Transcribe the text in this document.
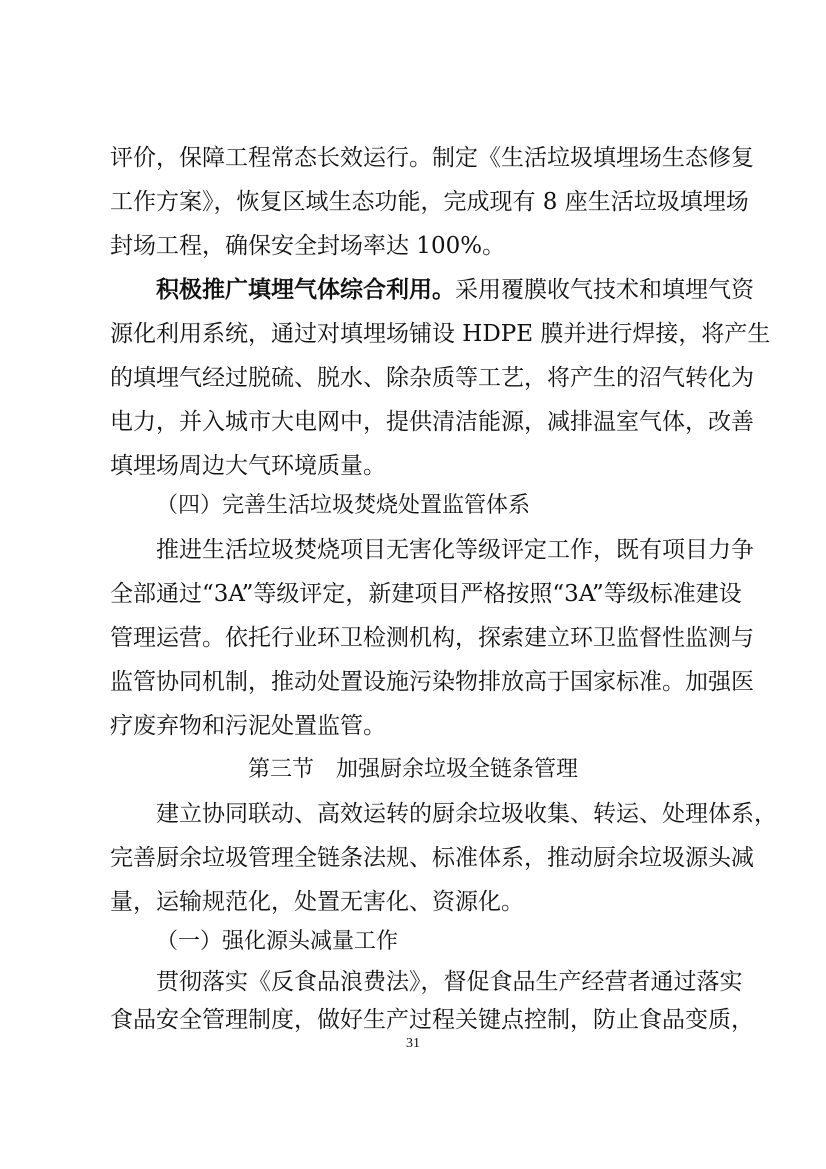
评价，保障工程常态长效运行。制定《生活垃圾填埋场生态修复
工作方案》，恢复区域生态功能，完成现有 8 座生活垃圾填埋场
封场工程，确保安全封场率达 100%。
积极推广填埋气体综合利用。采用覆膜收气技术和填埋气资
源化利用系统，通过对填埋场铺设 HDPE 膜并进行焊接，将产生
的填埋气经过脱硫、脱水、除杂质等工艺，将产生的沼气转化为
电力，并入城市大电网中，提供清洁能源，减排温室气体，改善
填埋场周边大气环境质量。
（四）完善生活垃圾焚烧处置监管体系
推进生活垃圾焚烧项目无害化等级评定工作，既有项目力争
全部通过“3A”等级评定，新建项目严格按照“3A”等级标准建设
管理运营。依托行业环卫检测机构，探索建立环卫监督性监测与
监管协同机制，推动处置设施污染物排放高于国家标准。加强医
疗废弃物和污泥处置监管。
第三节　加强厨余垃圾全链条管理
建立协同联动、高效运转的厨余垃圾收集、转运、处理体系，
完善厨余垃圾管理全链条法规、标准体系，推动厨余垃圾源头减
量，运输规范化，处置无害化、资源化。
（一）强化源头减量工作
贯彻落实《反食品浪费法》，督促食品生产经营者通过落实
食品安全管理制度，做好生产过程关键点控制，防止食品变质，
31
